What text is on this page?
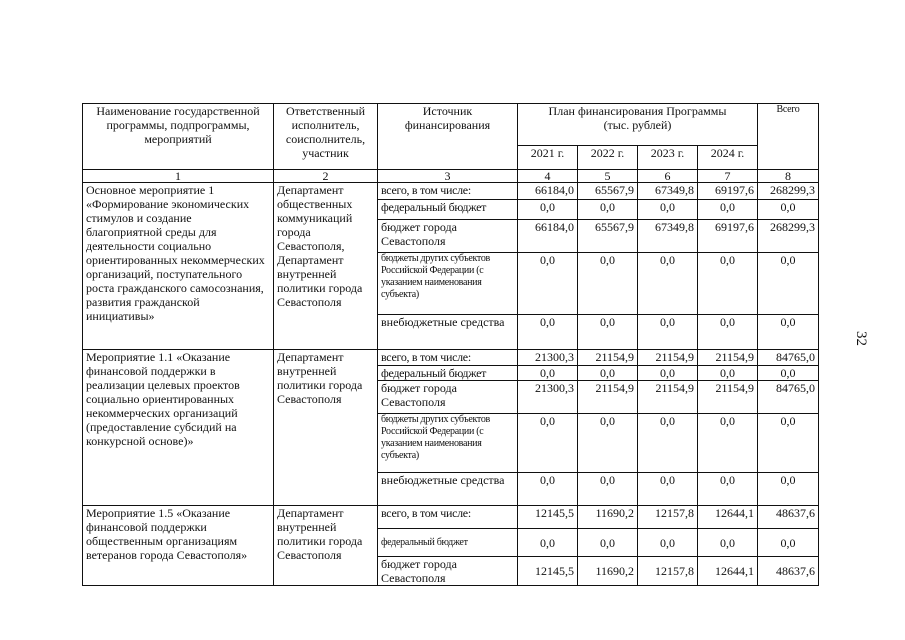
32
Наименование государственной программы, подпрограммы, мероприятий	Ответственный исполнитель, соисполнитель, участник	Источник финансирования	План финансирования Программы (тыс. рублей)				Всего
			2021 г.	2022 г.	2023 г.	2024 г.	
1	2	3	4	5	6	7	8
Основное мероприятие 1 «Формирование экономических стимулов и создание благоприятной среды для деятельности социально ориентированных некоммерческих организаций, поступательного роста гражданского самосознания, развития гражданской инициативы»	Департамент общественных коммуникаций города Севастополя, Департамент внутренней политики города Севастополя	всего, в том числе:	66184,0	65567,9	67349,8	69197,6	268299,3
		федеральный бюджет	0,0	0,0	0,0	0,0	0,0
		бюджет города Севастополя	66184,0	65567,9	67349,8	69197,6	268299,3
		бюджеты других субъектов Российской Федерации (с указанием наименования субъекта)	0,0	0,0	0,0	0,0	0,0
		внебюджетные средства	0,0	0,0	0,0	0,0	0,0
Мероприятие 1.1 «Оказание финансовой поддержки в реализации целевых проектов социально ориентированных некоммерческих организаций (предоставление субсидий на конкурсной основе)»	Департамент внутренней политики города Севастополя	всего, в том числе:	21300,3	21154,9	21154,9	21154,9	84765,0
		федеральный бюджет	0,0	0,0	0,0	0,0	0,0
		бюджет города Севастополя	21300,3	21154,9	21154,9	21154,9	84765,0
		бюджеты других субъектов Российской Федерации (с указанием наименования субъекта)	0,0	0,0	0,0	0,0	0,0
		внебюджетные средства	0,0	0,0	0,0	0,0	0,0
Мероприятие 1.5 «Оказание финансовой поддержки общественным организациям ветеранов города Севастополя»	Департамент внутренней политики города Севастополя	всего, в том числе:	12145,5	11690,2	12157,8	12644,1	48637,6
		федеральный бюджет	0,0	0,0	0,0	0,0	0,0
		бюджет города Севастополя	12145,5	11690,2	12157,8	12644,1	48637,6
